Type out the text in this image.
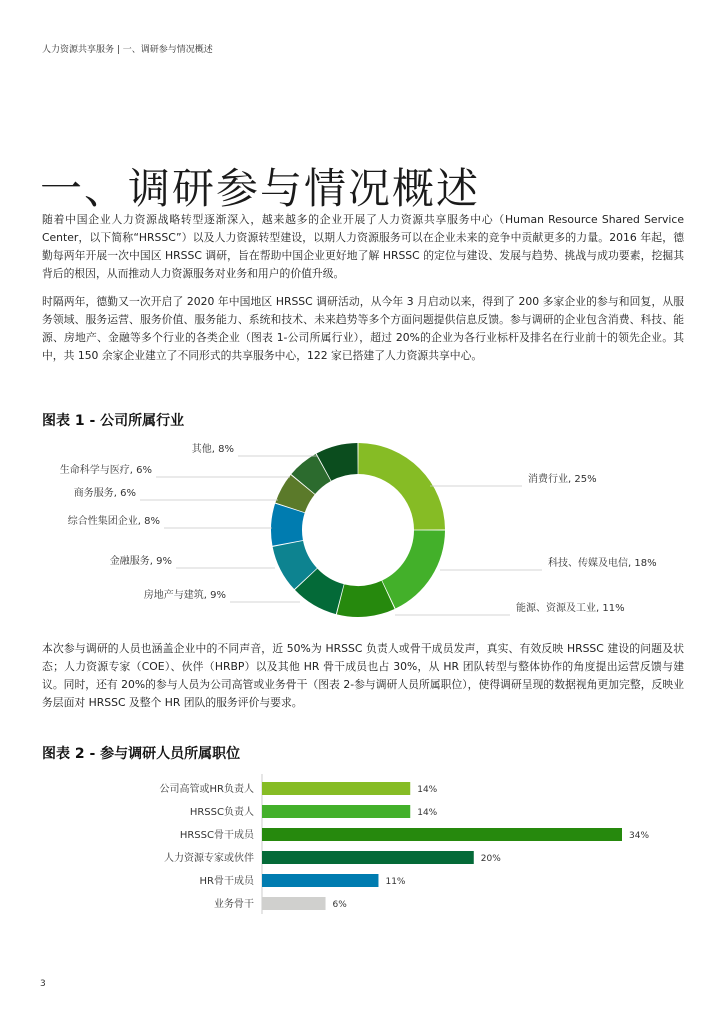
人力资源共享服务 | 一、调研参与情况概述
一、调研参与情况概述

随着中国企业人力资源战略转型逐渐深入，越来越多的企业开展了人力资源共享服务中心（Human Resource Shared Service Center，以下简称“HRSSC”）以及人力资源转型建设，以期人力资源服务可以在企业未来的竞争中贡献更多的力量。2016 年起，德勤每两年开展一次中国区 HRSSC 调研，旨在帮助中国企业更好地了解 HRSSC 的定位与建设、发展与趋势、挑战与成功要素，挖掘其背后的根因，从而推动人力资源服务对业务和用户的价值升级。

时隔两年，德勤又一次开启了 2020 年中国地区 HRSSC 调研活动，从今年 3 月启动以来，得到了 200 多家企业的参与和回复，从服务领域、服务运营、服务价值、服务能力、系统和技术、未来趋势等多个方面问题提供信息反馈。参与调研的企业包含消费、科技、能源、房地产、金融等多个行业的各类企业（图表 1-公司所属行业），超过 20%的企业为各行业标杆及排名在行业前十的领先企业。其中，共 150 余家企业建立了不同形式的共享服务中心，122 家已搭建了人力资源共享中心。

图表 1 - 公司所属行业
消费行业, 25%
科技、传媒及电信, 18%
能源、资源及工业, 11%
金融服务, 9%
房地产与建筑, 9%
综合性集团企业, 8%
商务服务, 6%
生命科学与医疗, 6%
其他, 8%

本次参与调研的人员也涵盖企业中的不同声音，近 50%为 HRSSC 负责人或骨干成员发声，真实、有效反映 HRSSC 建设的问题及状态；人力资源专家（COE）、伙伴（HRBP）以及其他 HR 骨干成员也占 30%，从 HR 团队转型与整体协作的角度提出运营反馈与建议。同时，还有 20%的参与人员为公司高管或业务骨干（图表 2-参与调研人员所属职位），使得调研呈现的数据视角更加完整，反映业务层面对 HRSSC 及整个 HR 团队的服务评价与要求。

图表 2 - 参与调研人员所属职位
公司高管或HR负责人	14%
HRSSC负责人	14%
HRSSC骨干成员	34%
人力资源专家或伙伴	20%
HR骨干成员	11%
业务骨干	6%
3
